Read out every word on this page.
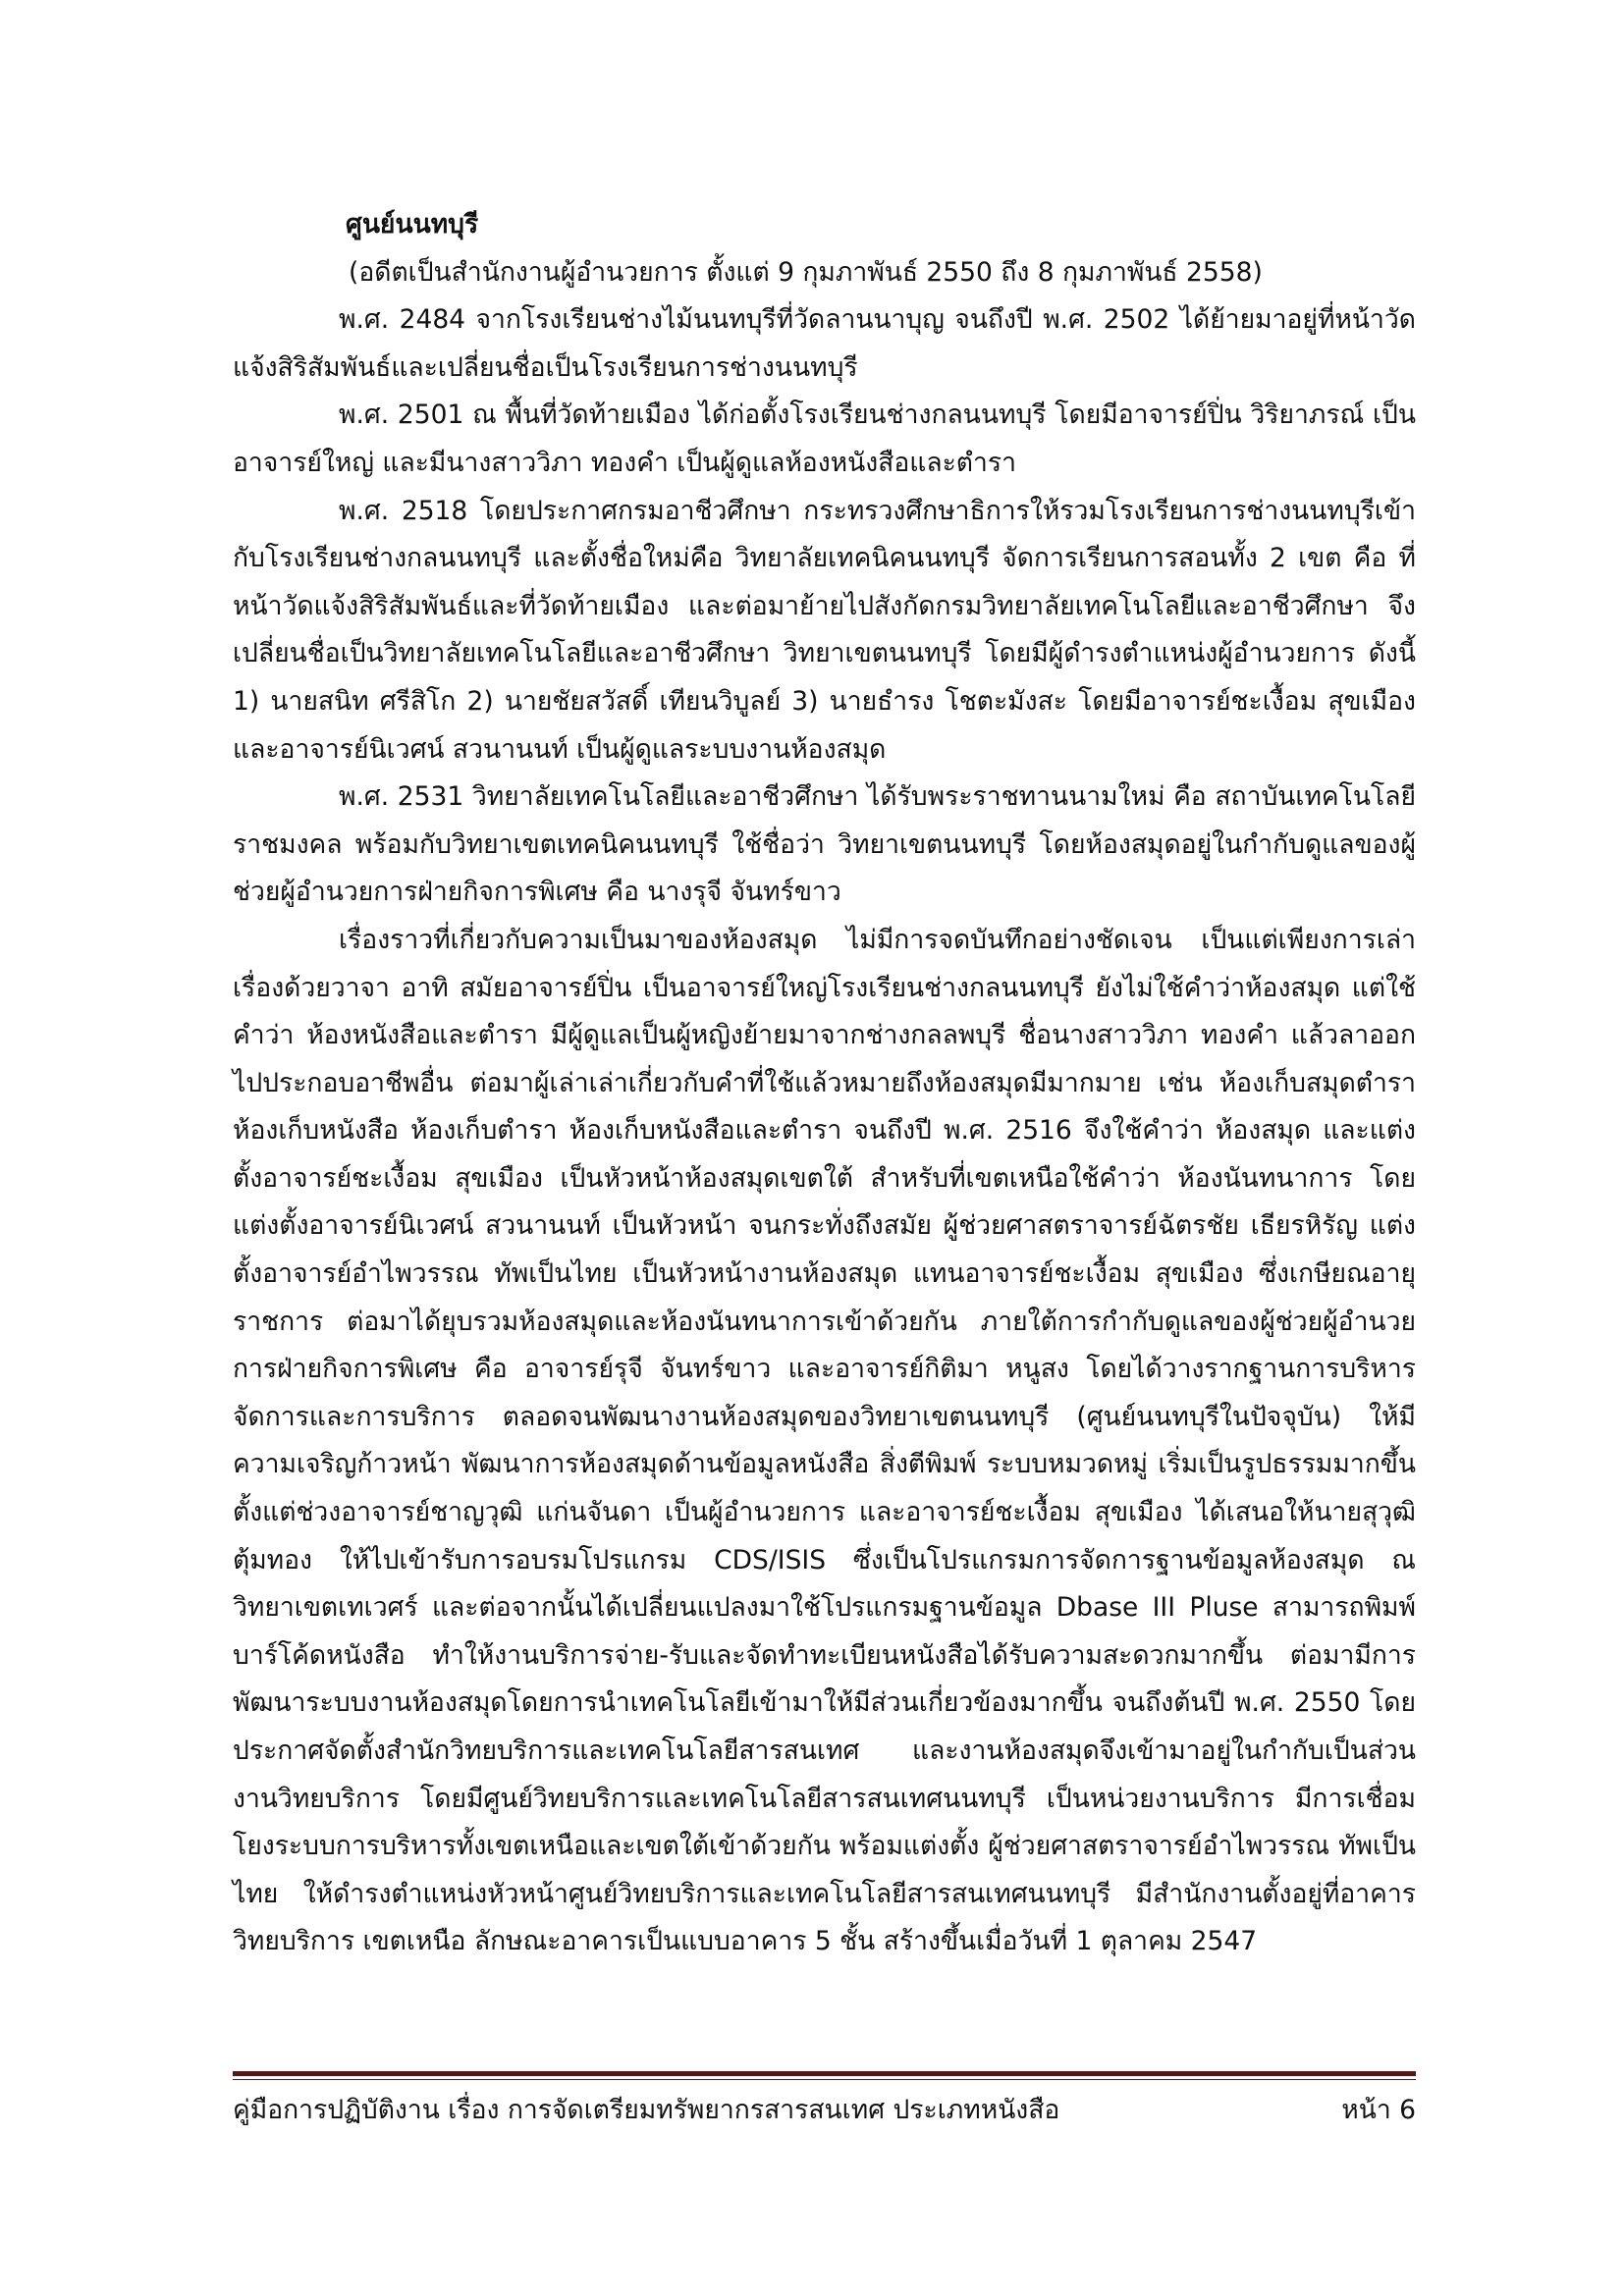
ศูนย์นนทบุรี

(อดีตเป็นสำนักงานผู้อำนวยการ ตั้งแต่ 9 กุมภาพันธ์ 2550 ถึง 8 กุมภาพันธ์ 2558)

พ.ศ. 2484 จากโรงเรียนช่างไม้นนทบุรีที่วัดลานนาบุญ จนถึงปี พ.ศ. 2502 ได้ย้ายมาอยู่ที่หน้าวัดแจ้งสิริสัมพันธ์และเปลี่ยนชื่อเป็นโรงเรียนการช่างนนทบุรี

พ.ศ. 2501 ณ พื้นที่วัดท้ายเมือง ได้ก่อตั้งโรงเรียนช่างกลนนทบุรี โดยมีอาจารย์ปิ่น วิริยาภรณ์ เป็นอาจารย์ใหญ่ และมีนางสาววิภา ทองคำ เป็นผู้ดูแลห้องหนังสือและตำรา

พ.ศ. 2518 โดยประกาศกรมอาชีวศึกษา กระทรวงศึกษาธิการให้รวมโรงเรียนการช่างนนทบุรีเข้ากับโรงเรียนช่างกลนนทบุรี และตั้งชื่อใหม่คือ วิทยาลัยเทคนิคนนทบุรี จัดการเรียนการสอนทั้ง 2 เขต คือ ที่หน้าวัดแจ้งสิริสัมพันธ์และที่วัดท้ายเมือง และต่อมาย้ายไปสังกัดกรมวิทยาลัยเทคโนโลยีและอาชีวศึกษา จึงเปลี่ยนชื่อเป็นวิทยาลัยเทคโนโลยีและอาชีวศึกษา วิทยาเขตนนทบุรี โดยมีผู้ดำรงตำแหน่งผู้อำนวยการ ดังนี้ 1) นายสนิท ศรีสิโก 2) นายชัยสวัสดิ์ เทียนวิบูลย์ 3) นายธำรง โชตะมังสะ โดยมีอาจารย์ชะเงื้อม สุขเมือง และอาจารย์นิเวศน์ สวนานนท์ เป็นผู้ดูแลระบบงานห้องสมุด

พ.ศ. 2531 วิทยาลัยเทคโนโลยีและอาชีวศึกษา ได้รับพระราชทานนามใหม่ คือ สถาบันเทคโนโลยีราชมงคล พร้อมกับวิทยาเขตเทคนิคนนทบุรี ใช้ชื่อว่า วิทยาเขตนนทบุรี โดยห้องสมุดอยู่ในกำกับดูแลของผู้ช่วยผู้อำนวยการฝ่ายกิจการพิเศษ คือ นางรุจี จันทร์ขาว

เรื่องราวที่เกี่ยวกับความเป็นมาของห้องสมุด ไม่มีการจดบันทึกอย่างชัดเจน เป็นแต่เพียงการเล่าเรื่องด้วยวาจา อาทิ สมัยอาจารย์ปิ่น เป็นอาจารย์ใหญ่โรงเรียนช่างกลนนทบุรี ยังไม่ใช้คำว่าห้องสมุด แต่ใช้คำว่า ห้องหนังสือและตำรา มีผู้ดูแลเป็นผู้หญิงย้ายมาจากช่างกลลพบุรี ชื่อนางสาววิภา ทองคำ แล้วลาออกไปประกอบอาชีพอื่น ต่อมาผู้เล่าเล่าเกี่ยวกับคำที่ใช้แล้วหมายถึงห้องสมุดมีมากมาย เช่น ห้องเก็บสมุดตำรา ห้องเก็บหนังสือ ห้องเก็บตำรา ห้องเก็บหนังสือและตำรา จนถึงปี พ.ศ. 2516 จึงใช้คำว่า ห้องสมุด และแต่งตั้งอาจารย์ชะเงื้อม สุขเมือง เป็นหัวหน้าห้องสมุดเขตใต้ สำหรับที่เขตเหนือใช้คำว่า ห้องนันทนาการ โดยแต่งตั้งอาจารย์นิเวศน์ สวนานนท์ เป็นหัวหน้า จนกระทั่งถึงสมัย ผู้ช่วยศาสตราจารย์ฉัตรชัย เธียรหิรัญ แต่งตั้งอาจารย์อำไพวรรณ ทัพเป็นไทย เป็นหัวหน้างานห้องสมุด แทนอาจารย์ชะเงื้อม สุขเมือง ซึ่งเกษียณอายุราชการ ต่อมาได้ยุบรวมห้องสมุดและห้องนันทนาการเข้าด้วยกัน ภายใต้การกำกับดูแลของผู้ช่วยผู้อำนวยการฝ่ายกิจการพิเศษ คือ อาจารย์รุจี จันทร์ขาว และอาจารย์กิติมา หนูสง โดยได้วางรากฐานการบริหารจัดการและการบริการ ตลอดจนพัฒนางานห้องสมุดของวิทยาเขตนนทบุรี (ศูนย์นนทบุรีในปัจจุบัน) ให้มีความเจริญก้าวหน้า พัฒนาการห้องสมุดด้านข้อมูลหนังสือ สิ่งตีพิมพ์ ระบบหมวดหมู่ เริ่มเป็นรูปธรรมมากขึ้นตั้งแต่ช่วงอาจารย์ชาญวุฒิ แก่นจันดา เป็นผู้อำนวยการ และอาจารย์ชะเงื้อม สุขเมือง ได้เสนอให้นายสุวุฒิ ตุ้มทอง ให้ไปเข้ารับการอบรมโปรแกรม CDS/ISIS ซึ่งเป็นโปรแกรมการจัดการฐานข้อมูลห้องสมุด ณ วิทยาเขตเทเวศร์ และต่อจากนั้นได้เปลี่ยนแปลงมาใช้โปรแกรมฐานข้อมูล Dbase III Pluse สามารถพิมพ์บาร์โค้ดหนังสือ ทำให้งานบริการจ่าย-รับและจัดทำทะเบียนหนังสือได้รับความสะดวกมากขึ้น ต่อมามีการพัฒนาระบบงานห้องสมุดโดยการนำเทคโนโลยีเข้ามาให้มีส่วนเกี่ยวข้องมากขึ้น จนถึงต้นปี พ.ศ. 2550 โดยประกาศจัดตั้งสำนักวิทยบริการและเทคโนโลยีสารสนเทศ และงานห้องสมุดจึงเข้ามาอยู่ในกำกับเป็นส่วนงานวิทยบริการ โดยมีศูนย์วิทยบริการและเทคโนโลยีสารสนเทศนนทบุรี เป็นหน่วยงานบริการ มีการเชื่อมโยงระบบการบริหารทั้งเขตเหนือและเขตใต้เข้าด้วยกัน พร้อมแต่งตั้ง ผู้ช่วยศาสตราจารย์อำไพวรรณ ทัพเป็นไทย ให้ดำรงตำแหน่งหัวหน้าศูนย์วิทยบริการและเทคโนโลยีสารสนเทศนนทบุรี มีสำนักงานตั้งอยู่ที่อาคารวิทยบริการ เขตเหนือ ลักษณะอาคารเป็นแบบอาคาร 5 ชั้น สร้างขึ้นเมื่อวันที่ 1 ตุลาคม 2547

คู่มือการปฏิบัติงาน เรื่อง การจัดเตรียมทรัพยากรสารสนเทศ ประเภทหนังสือ	หน้า 6
